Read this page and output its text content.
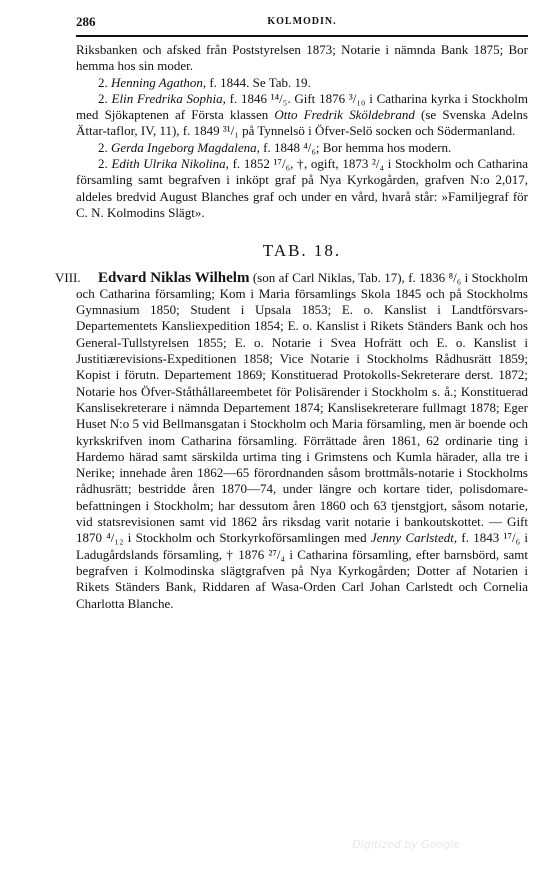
286	KOLMODIN.

Riksbanken och afsked från Poststyrelsen 1873; Notarie i nämnda Bank 1875; Bor hemma hos sin moder.

2. Henning Agathon, f. 1844. Se Tab. 19.

2. Elin Fredrika Sophia, f. 1846 ¹⁴/₅. Gift 1876 ³/₁₀ i Catharina kyrka i Stockholm med Sjökaptenen af Första klassen Otto Fredrik Sköldebrand (se Svenska Adelns Ättar-taflor, IV, 11), f. 1849 ³¹/₁ på Tynnelsö i Öfver-Selö socken och Södermanland.

2. Gerda Ingeborg Magdalena, f. 1848 ⁴/₆; Bor hemma hos modern.

2. Edith Ulrika Nikolina, f. 1852 ¹⁷/₆, †, ogift, 1873 ²/₄ i Stockholm och Catharina församling samt begrafven i inköpt graf på Nya Kyrkogården, grafven N:o 2,017, aldeles bredvid August Blanches graf och under en vård, hvarå står: »Familjegraf för C. N. Kolmodins Slägt».

TAB. 18.

VIII. Edvard Niklas Wilhelm (son af Carl Niklas, Tab. 17), f. 1836 ⁸/₆ i Stockholm och Catharina församling; Kom i Maria församlings Skola 1845 och på Stockholms Gymnasium 1850; Student i Upsala 1853; E. o. Kanslist i Landtförsvars-Departementets Kansliexpedition 1854; E. o. Kanslist i Rikets Ständers Bank och hos General-Tullstyrelsen 1855; E. o. Notarie i Svea Hofrätt och E. o. Kanslist i Justitiærevisions-Expeditionen 1858; Vice Notarie i Stockholms Rådhusrätt 1859; Kopist i förutn. Departement 1869; Konstituerad Protokolls-Sekreterare derst. 1872; Notarie hos Öfver-Ståthållareembetet för Polisärender i Stockholm s. å.; Konstituerad Kanslisekreterare i nämnda Departement 1874; Kanslisekreterare fullmagt 1878; Eger Huset N:o 5 vid Bellmansgatan i Stockholm och Maria församling, men är boende och kyrkskrifven inom Catharina församling. Förrättade åren 1861, 62 ordinarie ting i Hardemo härad samt särskilda urtima ting i Grimstens och Kumla härader, alla tre i Nerike; innehade åren 1862—65 förordnanden såsom brottmåls-notarie i Stockholms rådhusrätt; bestridde åren 1870—74, under längre och kortare tider, polisdomare-befattningen i Stockholm; har dessutom åren 1860 och 63 tjenstgjort, såsom notarie, vid statsrevisionen samt vid 1862 års riksdag varit notarie i bankoutskottet. — Gift 1870 ⁴/₁₂ i Stockholm och Storkyrkoförsamlingen med Jenny Carlstedt, f. 1843 ¹⁷/₆ i Ladugårdslands församling, † 1876 ²⁷/₄ i Catharina församling, efter barnsbörd, samt begrafven i Kolmodinska slägtgrafven på Nya Kyrkogården; Dotter af Notarien i Rikets Ständers Bank, Riddaren af Wasa-Orden Carl Johan Carlstedt och Cornelia Charlotta Blanche.

Digitized by Google
